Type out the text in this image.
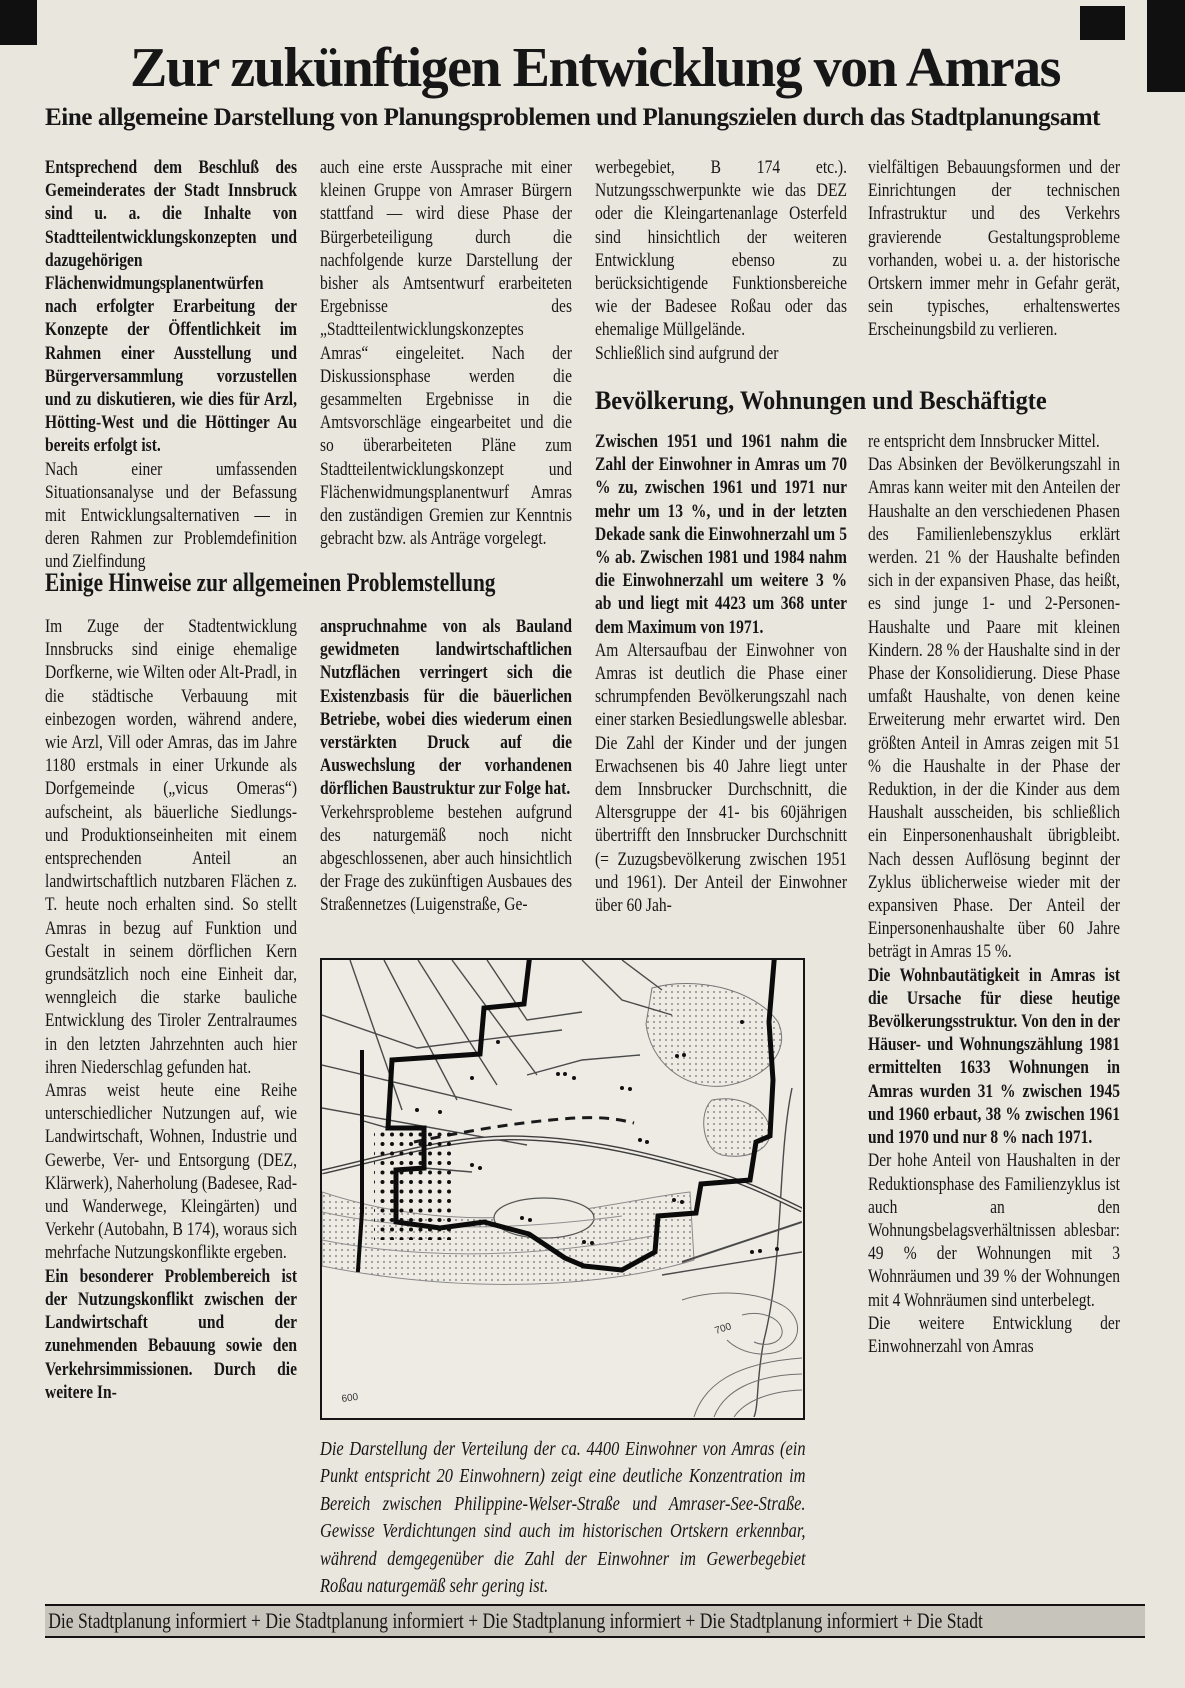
Zur zukünftigen Entwicklung von Amras
Eine allgemeine Darstellung von Planungsproblemen und Planungszielen durch das Stadtplanungsamt

Entsprechend dem Beschluß des Gemeinderates der Stadt Innsbruck sind u. a. die Inhalte von Stadtteilentwicklungskonzepten und dazugehörigen Flächenwidmungsplanentwürfen nach erfolgter Erarbeitung der Konzepte der Öffentlichkeit im Rahmen einer Ausstellung und Bürgerversammlung vorzustellen und zu diskutieren, wie dies für Arzl, Hötting-West und die Höttinger Au bereits erfolgt ist.

Nach einer umfassenden Situationsanalyse und der Befassung mit Entwicklungsalternativen — in deren Rahmen zur Problemdefinition und Zielfindung

auch eine erste Aussprache mit einer kleinen Gruppe von Amraser Bürgern stattfand — wird diese Phase der Bürgerbeteiligung durch die nachfolgende kurze Darstellung der bisher als Amtsentwurf erarbeiteten Ergebnisse des „Stadtteilentwicklungskonzeptes Amras“ eingeleitet. Nach der Diskussionsphase werden die gesammelten Ergebnisse in die Amtsvorschläge eingearbeitet und die so überarbeiteten Pläne zum Stadtteilentwicklungskonzept und Flächenwidmungsplanentwurf Amras den zuständigen Gremien zur Kenntnis gebracht bzw. als Anträge vorgelegt.

werbegebiet, B 174 etc.). Nutzungsschwerpunkte wie das DEZ oder die Kleingartenanlage Osterfeld sind hinsichtlich der weiteren Entwicklung ebenso zu berücksichtigende Funktionsbereiche wie der Badesee Roßau oder das ehemalige Müllgelände.

Schließlich sind aufgrund der

vielfältigen Bebauungsformen und der Einrichtungen der technischen Infrastruktur und des Verkehrs gravierende Gestaltungsprobleme vorhanden, wobei u. a. der historische Ortskern immer mehr in Gefahr gerät, sein typisches, erhaltenswertes Erscheinungsbild zu verlieren.

Einige Hinweise zur allgemeinen Problemstellung

Im Zuge der Stadtentwicklung Innsbrucks sind einige ehemalige Dorfkerne, wie Wilten oder Alt-Pradl, in die städtische Verbauung mit einbezogen worden, während andere, wie Arzl, Vill oder Amras, das im Jahre 1180 erstmals in einer Urkunde als Dorfgemeinde („vicus Omeras“) aufscheint, als bäuerliche Siedlungs- und Produktionseinheiten mit einem entsprechenden Anteil an landwirtschaftlich nutzbaren Flächen z. T. heute noch erhalten sind. So stellt Amras in bezug auf Funktion und Gestalt in seinem dörflichen Kern grundsätzlich noch eine Einheit dar, wenngleich die starke bauliche Entwicklung des Tiroler Zentralraumes in den letzten Jahrzehnten auch hier ihren Niederschlag gefunden hat.

Amras weist heute eine Reihe unterschiedlicher Nutzungen auf, wie Landwirtschaft, Wohnen, Industrie und Gewerbe, Ver- und Entsorgung (DEZ, Klärwerk), Naherholung (Badesee, Rad- und Wanderwege, Kleingärten) und Verkehr (Autobahn, B 174), woraus sich mehrfache Nutzungskonflikte ergeben.

Ein besonderer Problembereich ist der Nutzungskonflikt zwischen der Landwirtschaft und der zunehmenden Bebauung sowie den Verkehrsimmissionen. Durch die weitere In-

anspruchnahme von als Bauland gewidmeten landwirtschaftlichen Nutzflächen verringert sich die Existenzbasis für die bäuerlichen Betriebe, wobei dies wiederum einen verstärkten Druck auf die Auswechslung der vorhandenen dörflichen Baustruktur zur Folge hat.

Verkehrsprobleme bestehen aufgrund des naturgemäß noch nicht abgeschlossenen, aber auch hinsichtlich der Frage des zukünftigen Ausbaues des Straßennetzes (Luigenstraße, Ge-

Bevölkerung, Wohnungen und Beschäftigte

Zwischen 1951 und 1961 nahm die Zahl der Einwohner in Amras um 70 % zu, zwischen 1961 und 1971 nur mehr um 13 %, und in der letzten Dekade sank die Einwohnerzahl um 5 % ab. Zwischen 1981 und 1984 nahm die Einwohnerzahl um weitere 3 % ab und liegt mit 4423 um 368 unter dem Maximum von 1971.

Am Altersaufbau der Einwohner von Amras ist deutlich die Phase einer schrumpfenden Bevölkerungszahl nach einer starken Besiedlungswelle ablesbar. Die Zahl der Kinder und der jungen Erwachsenen bis 40 Jahre liegt unter dem Innsbrucker Durchschnitt, die Altersgruppe der 41- bis 60jährigen übertrifft den Innsbrucker Durchschnitt (= Zuzugsbevölkerung zwischen 1951 und 1961). Der Anteil der Einwohner über 60 Jah-

re entspricht dem Innsbrucker Mittel.

Das Absinken der Bevölkerungszahl in Amras kann weiter mit den Anteilen der Haushalte an den verschiedenen Phasen des Familienlebenszyklus erklärt werden. 21 % der Haushalte befinden sich in der expansiven Phase, das heißt, es sind junge 1- und 2-Personen-Haushalte und Paare mit kleinen Kindern. 28 % der Haushalte sind in der Phase der Konsolidierung. Diese Phase umfaßt Haushalte, von denen keine Erweiterung mehr erwartet wird. Den größten Anteil in Amras zeigen mit 51 % die Haushalte in der Phase der Reduktion, in der die Kinder aus dem Haushalt ausscheiden, bis schließlich ein Einpersonenhaushalt übrigbleibt. Nach dessen Auflösung beginnt der Zyklus üblicherweise wieder mit der expansiven Phase. Der Anteil der Einpersonenhaushalte über 60 Jahre beträgt in Amras 15 %.

Die Wohnbautätigkeit in Amras ist die Ursache für diese heutige Bevölkerungsstruktur. Von den in der Häuser- und Wohnungszählung 1981 ermittelten 1633 Wohnungen in Amras wurden 31 % zwischen 1945 und 1960 erbaut, 38 % zwischen 1961 und 1970 und nur 8 % nach 1971.

Der hohe Anteil von Haushalten in der Reduktionsphase des Familienzyklus ist auch an den Wohnungsbelagsverhältnissen ablesbar: 49 % der Wohnungen mit 3 Wohnräumen und 39 % der Wohnungen mit 4 Wohnräumen sind unterbelegt.

Die weitere Entwicklung der Einwohnerzahl von Amras

700
600
Die Darstellung der Verteilung der ca. 4400 Einwohner von Amras (ein Punkt entspricht 20 Einwohnern) zeigt eine deutliche Konzentration im Bereich zwischen Philippine-Welser-Straße und Amraser-See-Straße. Gewisse Verdichtungen sind auch im historischen Ortskern erkennbar, während demgegenüber die Zahl der Einwohner im Gewerbegebiet Roßau naturgemäß sehr gering ist.
Die Stadtplanung informiert + Die Stadtplanung informiert + Die Stadtplanung informiert + Die Stadtplanung informiert + Die Stadt
